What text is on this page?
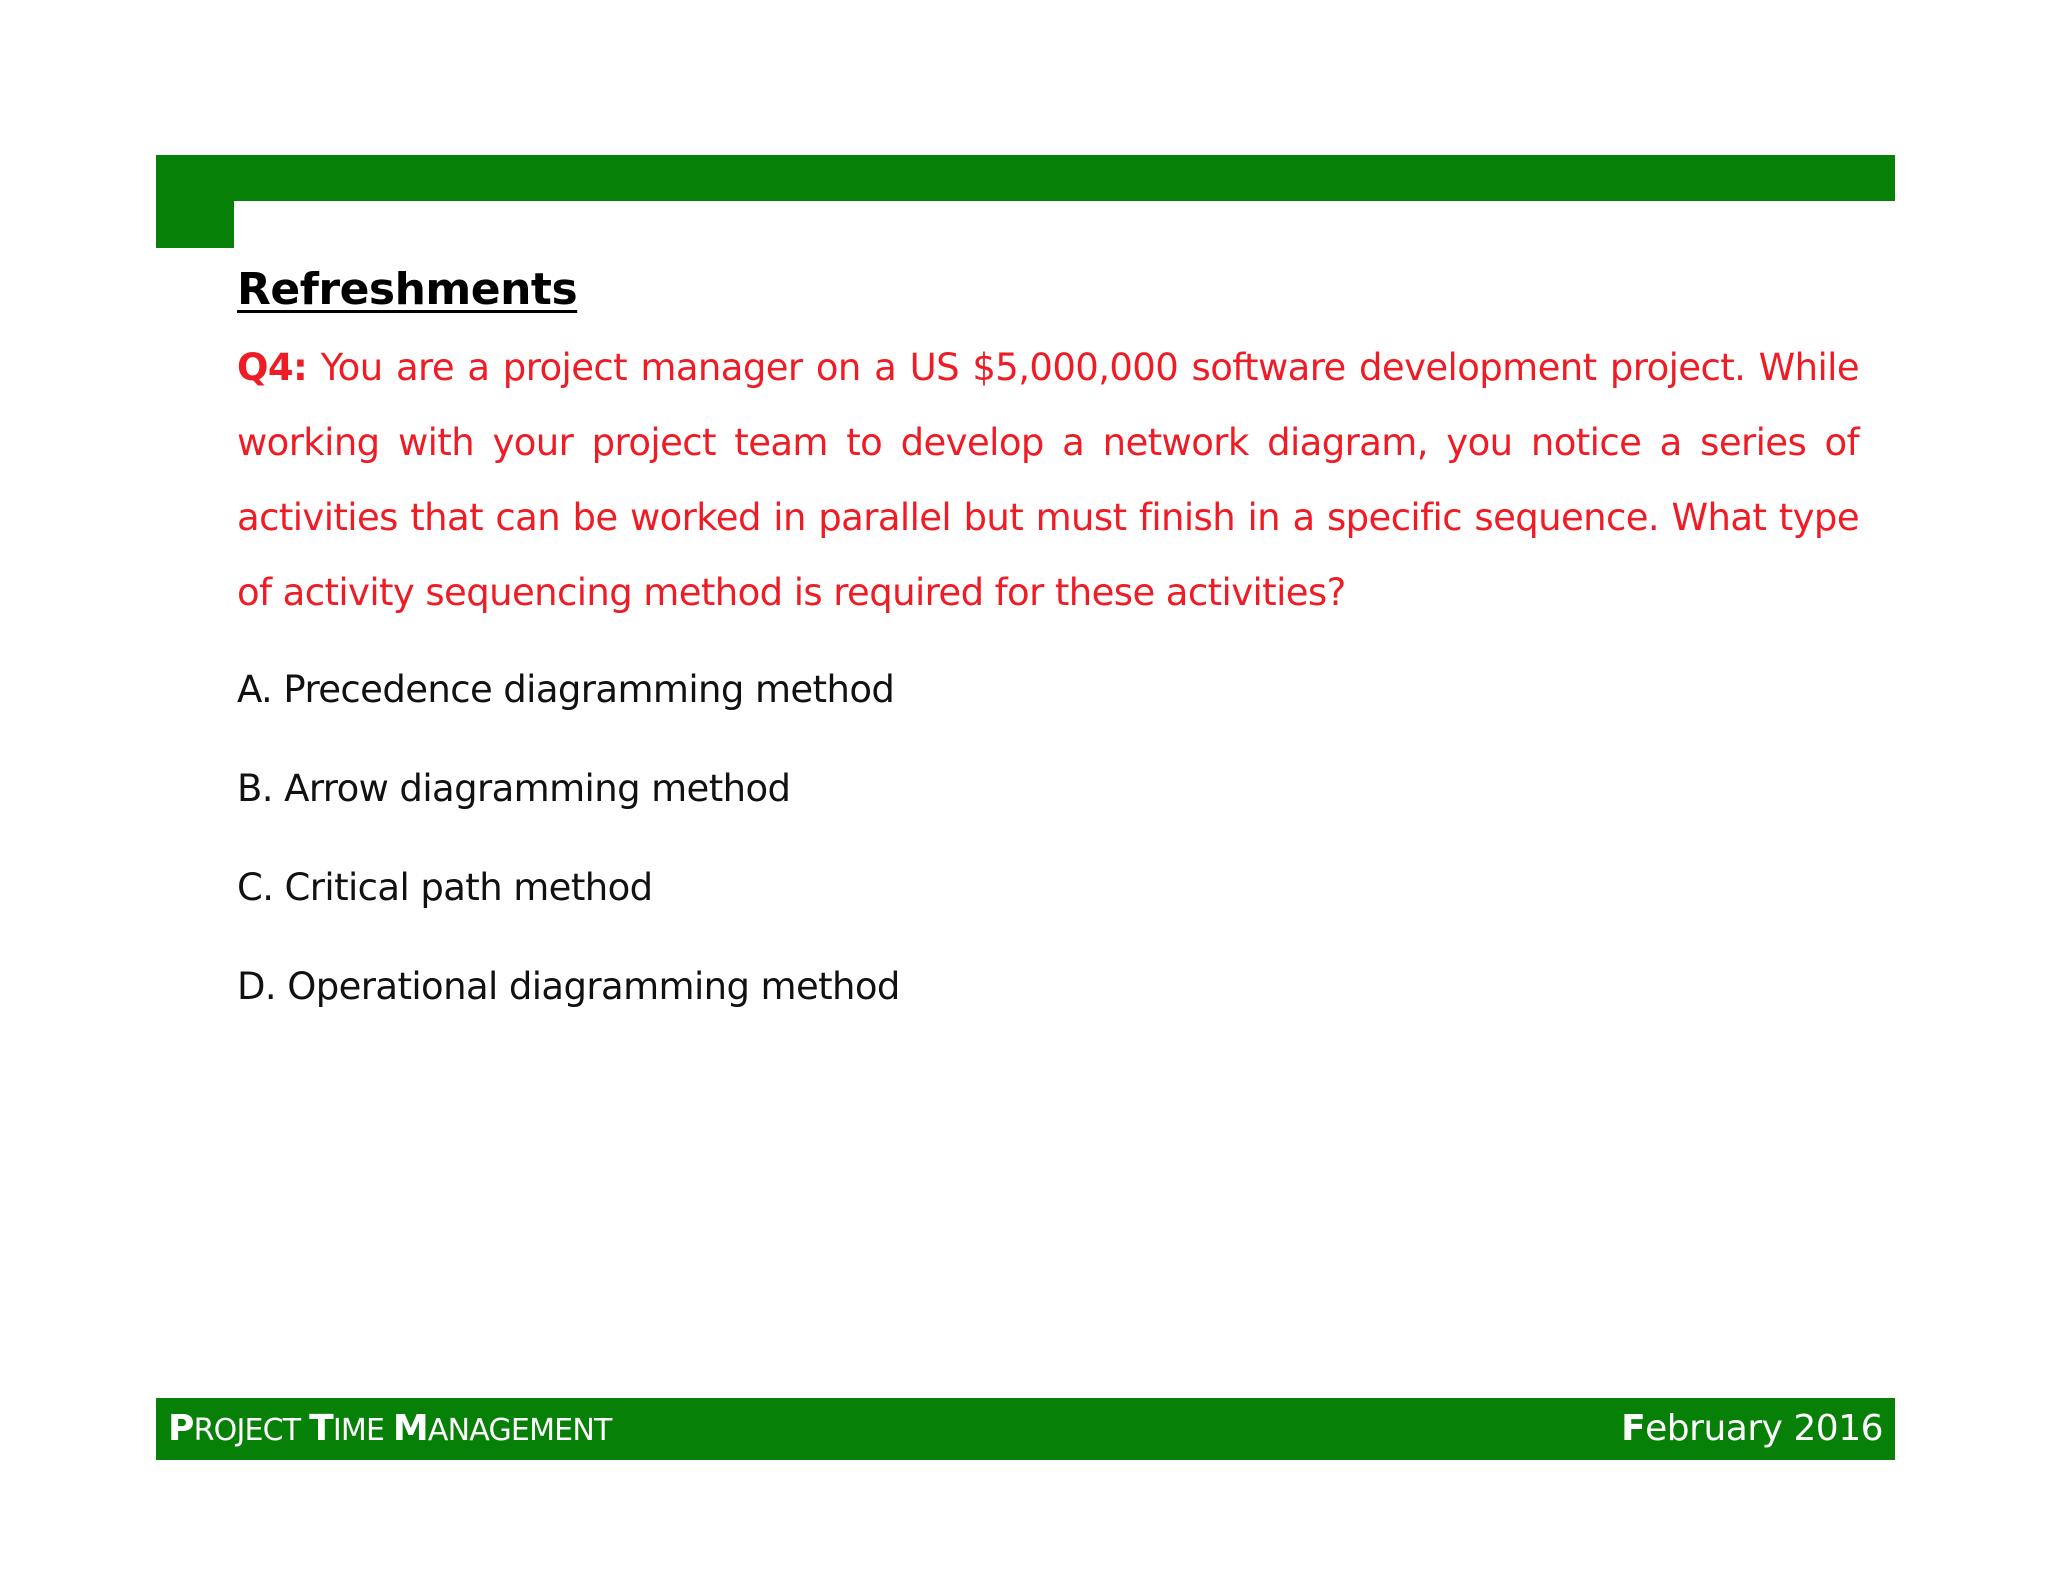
Refreshments

Q4: You are a project manager on a US $5,000,000 software development project. While working with your project team to develop a network diagram, you notice a series of activities that can be worked in parallel but must finish in a specific sequence. What type of activity sequencing method is required for these activities?

A. Precedence diagramming method
B. Arrow diagramming method
C. Critical path method
D. Operational diagramming method
PROJECT TIME MANAGEMENT	February 2016
